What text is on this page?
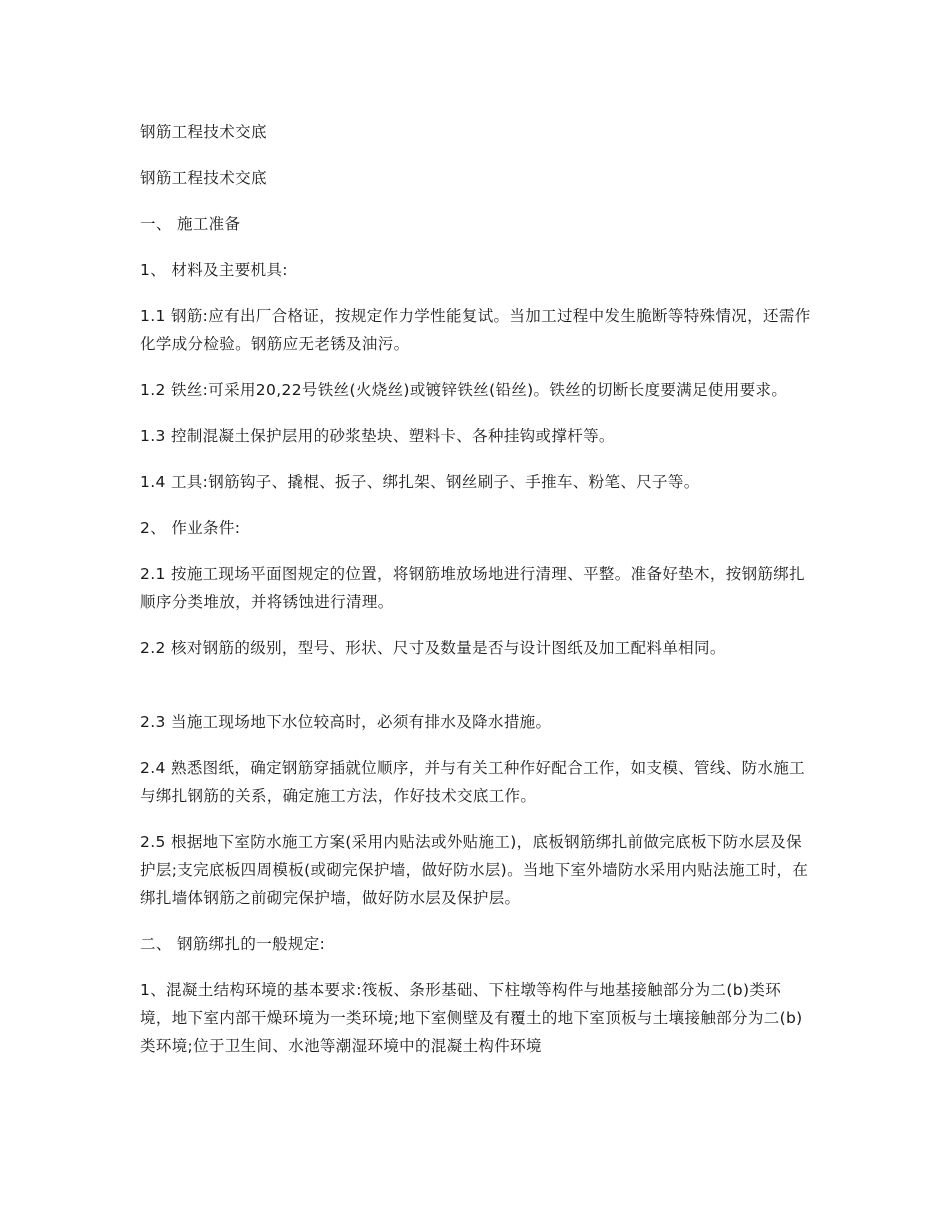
钢筋工程技术交底

钢筋工程技术交底

一、 施工准备

1、 材料及主要机具:

1.1 钢筋:应有出厂合格证，按规定作力学性能复试。当加工过程中发生脆断等特殊情况，还需作化学成分检验。钢筋应无老锈及油污。

1.2 铁丝:可采用20,22号铁丝(火烧丝)或镀锌铁丝(铅丝)。铁丝的切断长度要满足使用要求。

1.3 控制混凝土保护层用的砂浆垫块、塑料卡、各种挂钩或撑杆等。

1.4 工具:钢筋钩子、撬棍、扳子、绑扎架、钢丝刷子、手推车、粉笔、尺子等。

2、 作业条件:

2.1 按施工现场平面图规定的位置，将钢筋堆放场地进行清理、平整。准备好垫木，按钢筋绑扎顺序分类堆放，并将锈蚀进行清理。

2.2 核对钢筋的级别，型号、形状、尺寸及数量是否与设计图纸及加工配料单相同。

2.3 当施工现场地下水位较高时，必须有排水及降水措施。

2.4 熟悉图纸，确定钢筋穿插就位顺序，并与有关工种作好配合工作，如支模、管线、防水施工与绑扎钢筋的关系，确定施工方法，作好技术交底工作。

2.5 根据地下室防水施工方案(采用内贴法或外贴施工)，底板钢筋绑扎前做完底板下防水层及保护层;支完底板四周模板(或砌完保护墙，做好防水层)。当地下室外墙防水采用内贴法施工时，在绑扎墙体钢筋之前砌完保护墙，做好防水层及保护层。

二、 钢筋绑扎的一般规定:

1、混凝土结构环境的基本要求:筏板、条形基础、下柱墩等构件与地基接触部分为二(b)类环境，地下室内部干燥环境为一类环境;地下室侧壁及有覆土的地下室顶板与土壤接触部分为二(b)类环境;位于卫生间、水池等潮湿环境中的混凝土构件环境
